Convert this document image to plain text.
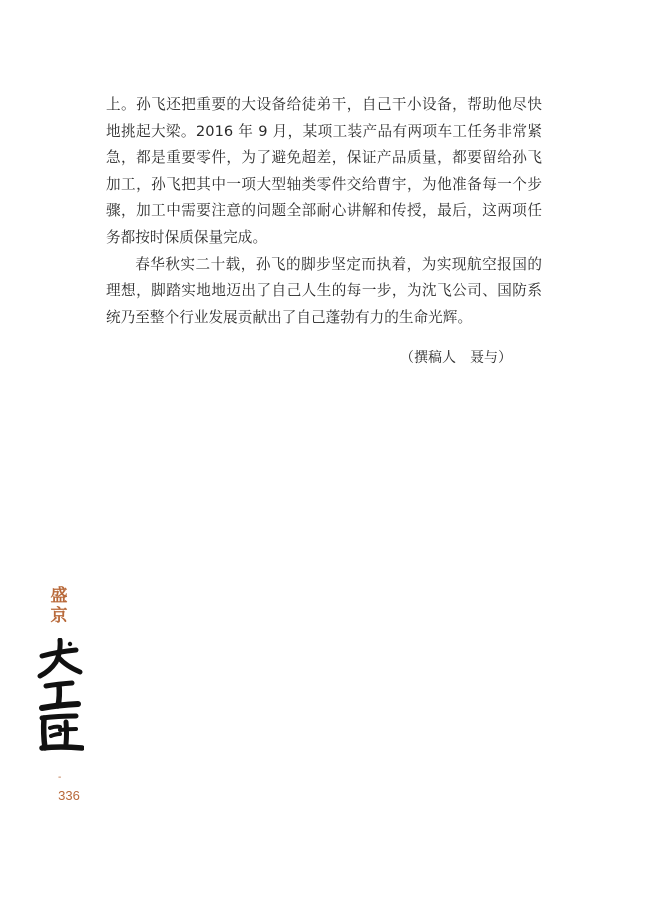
上。孙飞还把重要的大设备给徒弟干，自己干小设备，帮助他尽快地挑起大梁。2016 年 9 月，某项工装产品有两项车工任务非常紧急，都是重要零件，为了避免超差，保证产品质量，都要留给孙飞加工，孙飞把其中一项大型轴类零件交给曹宇，为他准备每一个步骤，加工中需要注意的问题全部耐心讲解和传授，最后，这两项任务都按时保质保量完成。

春华秋实二十载，孙飞的脚步坚定而执着，为实现航空报国的理想，脚踏实地地迈出了自己人生的每一步，为沈飞公司、国防系统乃至整个行业发展贡献出了自己蓬勃有力的生命光辉。

（撰稿人　聂与）

盛

京

-
336
